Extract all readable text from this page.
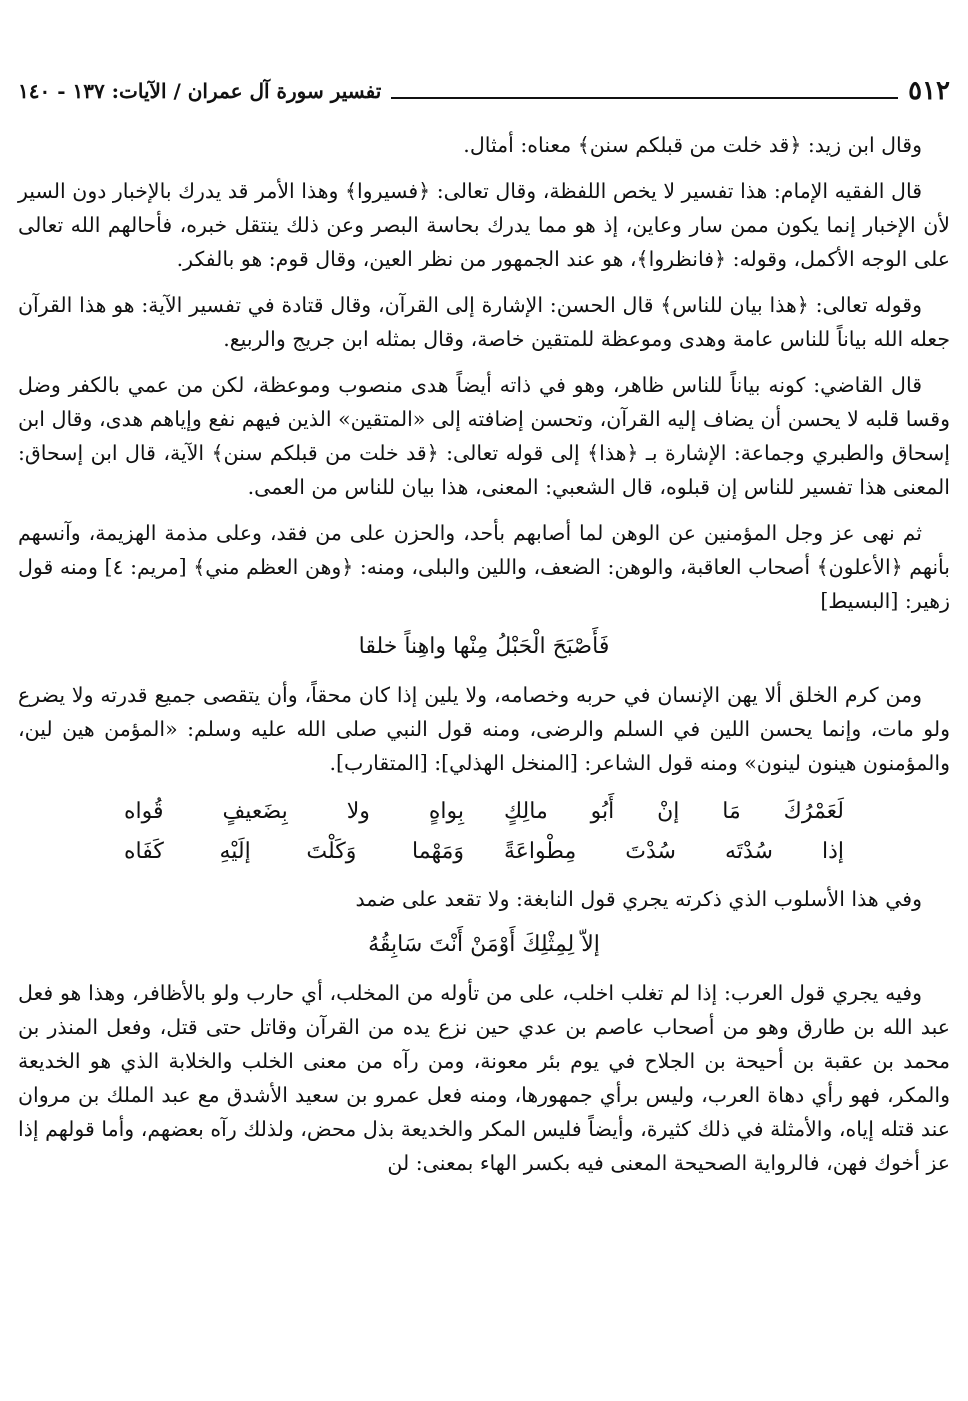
٥١٢
تفسير سورة آل عمران / الآيات: ١٣٧ - ١٤٠

وقال ابن زيد: ﴿قد خلت من قبلكم سنن﴾ معناه: أمثال.

قال الفقيه الإمام: هذا تفسير لا يخص اللفظة، وقال تعالى: ﴿فسيروا﴾ وهذا الأمر قد يدرك بالإخبار دون السير لأن الإخبار إنما يكون ممن سار وعاين، إذ هو مما يدرك بحاسة البصر وعن ذلك ينتقل خبره، فأحالهم الله تعالى على الوجه الأكمل، وقوله: ﴿فانظروا﴾، هو عند الجمهور من نظر العين، وقال قوم: هو بالفكر.

وقوله تعالى: ﴿هذا بيان للناس﴾ قال الحسن: الإشارة إلى القرآن، وقال قتادة في تفسير الآية: هو هذا القرآن جعله الله بياناً للناس عامة وهدى وموعظة للمتقين خاصة، وقال بمثله ابن جريج والربيع.

قال القاضي: كونه بياناً للناس ظاهر، وهو في ذاته أيضاً هدى منصوب وموعظة، لكن من عمي بالكفر وضل وقسا قلبه لا يحسن أن يضاف إليه القرآن، وتحسن إضافته إلى «المتقين» الذين فيهم نفع وإياهم هدى، وقال ابن إسحاق والطبري وجماعة: الإشارة بـ ﴿هذا﴾ إلى قوله تعالى: ﴿قد خلت من قبلكم سنن﴾ الآية، قال ابن إسحاق: المعنى هذا تفسير للناس إن قبلوه، قال الشعبي: المعنى، هذا بيان للناس من العمى.

ثم نهى عز وجل المؤمنين عن الوهن لما أصابهم بأحد، والحزن على من فقد، وعلى مذمة الهزيمة، وآنسهم بأنهم ﴿الأعلون﴾ أصحاب العاقبة، والوهن: الضعف، واللين والبلى، ومنه: ﴿وهن العظم مني﴾ [مريم: ٤] ومنه قول زهير: [البسيط]

فَأَصْبَحَ الْحَبْلُ مِنْها واهِناً خلقا

ومن كرم الخلق ألا يهن الإنسان في حربه وخصامه، ولا يلين إذا كان محقاً، وأن يتقصى جميع قدرته ولا يضرع ولو مات، وإنما يحسن اللين في السلم والرضى، ومنه قول النبي صلى الله عليه وسلم: «المؤمن هين لين، والمؤمنون هينون لينون» ومنه قول الشاعر: [المنخل الهذلي]: [المتقارب].

لَعَمْرُكَ مَا إنْ أَبُو مالِكٍ
بِواهٍ ولا بِضَعيفٍ قُواه
إذا سُدْتَه سُدْتَ مِطْواعَةً
وَمَهْما وَكَلْتَ إلَيْهِ كَفَاه

وفي هذا الأسلوب الذي ذكرته يجري قول النابغة: ولا تقعد على ضمد

إلاّ لِمِثْلِكَ أَوْمَنْ أَنْتَ سَابِقُهُ

وفيه يجري قول العرب: إذا لم تغلب اخلب، على من تأوله من المخلب، أي حارب ولو بالأظافر، وهذا هو فعل عبد الله بن طارق وهو من أصحاب عاصم بن عدي حين نزع يده من القرآن وقاتل حتى قتل، وفعل المنذر بن محمد بن عقبة بن أحيحة بن الجلاح في يوم بئر معونة، ومن رآه من معنى الخلب والخلابة الذي هو الخديعة والمكر، فهو رأي دهاة العرب، وليس برأي جمهورها، ومنه فعل عمرو بن سعيد الأشدق مع عبد الملك بن مروان عند قتله إياه، والأمثلة في ذلك كثيرة، وأيضاً فليس المكر والخديعة بذل محض، ولذلك رآه بعضهم، وأما قولهم إذا عز أخوك فهن، فالرواية الصحيحة المعنى فيه بكسر الهاء بمعنى: لن
